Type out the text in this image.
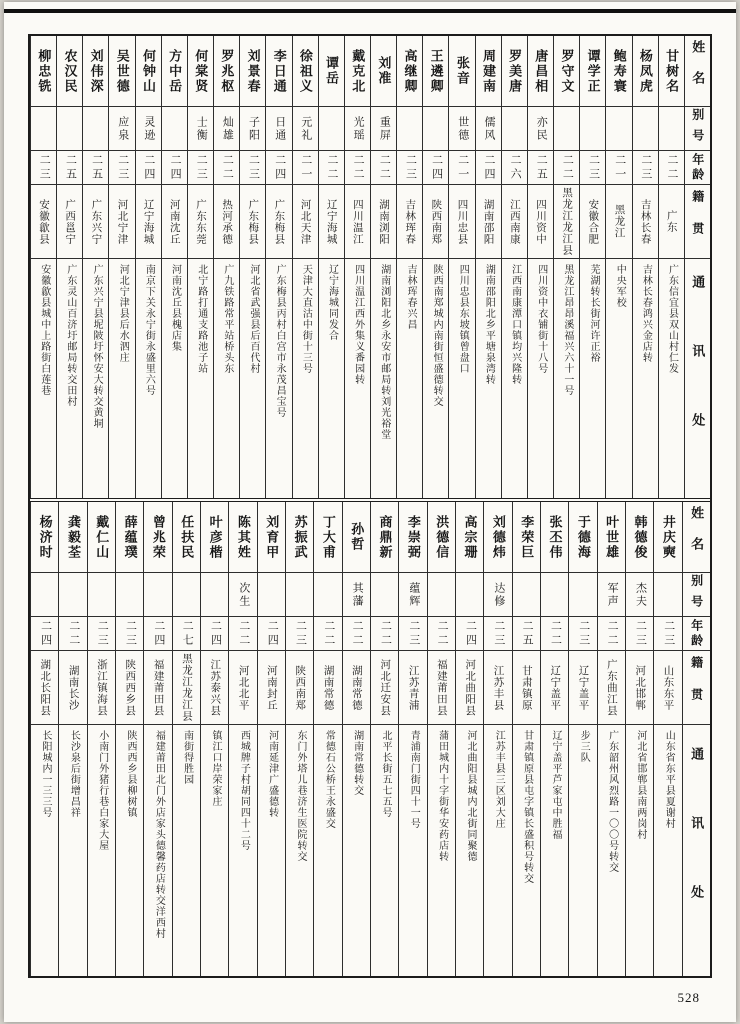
姓名
别号
年龄
籍贯
通讯处
甘树名
二二
广东
广东信宜县双山村仁发
杨凤虎
二三
吉林长春
吉林长春鸿兴金店转
鲍寿寰
二一
黑龙江
中央军校
谭学正
二三
安徽合肥
芜湖转长街河许正裕
罗守文
二二
黑龙江龙江县
黑龙江昂昂溪福兴六十一号
唐昌相
亦民
二五
四川资中
四川资中衣铺街十八号
罗美唐
二六
江西南康
江西南康潭口镇均兴隆转
周建南
儒风
二四
湖南邵阳
湖南邵阳北乡平塘泉湾转
张音
世德
二一
四川忠县
四川忠县东坡镇曾盘口
王遴卿
二四
陕西南郑
陕西南郑城内南街恒盛德转交
高继卿
二三
吉林珲春
吉林珲春兴昌
刘准
重屏
二二
湖南浏阳
湖南浏阳北乡永安市邮局转刘光裕堂
戴克北
光瑶
二二
四川温江
四川温江西外集义番园转
谭岳
二二
辽宁海城
辽宁海城同发合
徐祖义
元礼
二一
河北天津
天津大直沽中街十三号
李日通
日通
二四
广东梅县
广东梅县丙村白宫市永茂昌宝号
刘景春
子阳
二三
广东梅县
河北省武强县后百代村
罗兆枢
灿雄
二二
热河承德
广九铁路常平站桥头东
何棠贤
士衡
二三
广东东莞
北宁路打通支路池子站
方中岳
二四
河南沈丘
河南沈丘县槐店集
何钟山
灵逊
二四
辽宁海城
南京下关永宁街永盛里六号
吴世德
应泉
二三
河北宁津
河北宁津县后水泗庄
刘伟深
二五
广东兴宁
广东兴宁县坭陂圩怀安大转交黄垌
农汉民
二五
广西邕宁
广东灵山百济圩邮局转交田村
柳忠铣
二三
安徽歙县
安徽歙县城中上路街白莲巷
姓名
别号
年龄
籍贯
通讯处
井庆奭
二三
山东东平
山东省东平县夏谢村
韩德俊
杰夫
二三
河北邯郸
河北省邯郸县南两岗村
叶世雄
军声
二二
广东曲江县
广东韶州风烈路一〇〇号转交
于德海
二三
辽宁盖平
步三队
张丕伟
二二
辽宁盖平
辽宁盖平芦家屯中胜福
李荣巨
二五
甘肃镇原
甘肃镇原县屯字镇长盛积号转交
刘德炜
达修
二三
江苏丰县
江苏丰县三区刘大庄
高宗珊
二四
河北曲阳县
河北曲阳县城内北街同聚德
洪德信
二二
福建莆田县
蒲田城内十字街华安药店转
李崇弼
蕴辉
二三
江苏青浦
青浦南门街四十一号
商鼎新
二二
河北迁安县
北平长街五七五号
孙哲
其藩
二二
湖南常德
湖南常德转交
丁大甫
二二
湖南常德
常德石公桥王永盛交
苏振武
二三
陕西南郑
东门外塔儿巷济生医院转交
刘育甲
二四
河南封丘
河南延津广盛德转
陈其姓
次生
二二
河北北平
西城牌子村胡同四十二号
叶彦楷
二四
江苏泰兴县
镇江口岸荣家庄
任扶民
二七
黑龙江龙江县
南街得胜园
曾兆荣
二四
福建莆田县
福建莆田北门外店家头德馨药店转交洋西村
薛蕴璞
二三
陕西西乡县
陕西西乡县柳树镇
戴仁山
二三
浙江镇海县
小南门外猪行巷白家大屋
龚毅荃
二二
湖南长沙
长沙泉后街增昌祥
杨济时
二四
湖北长阳县
长阳城内一三三号
528
